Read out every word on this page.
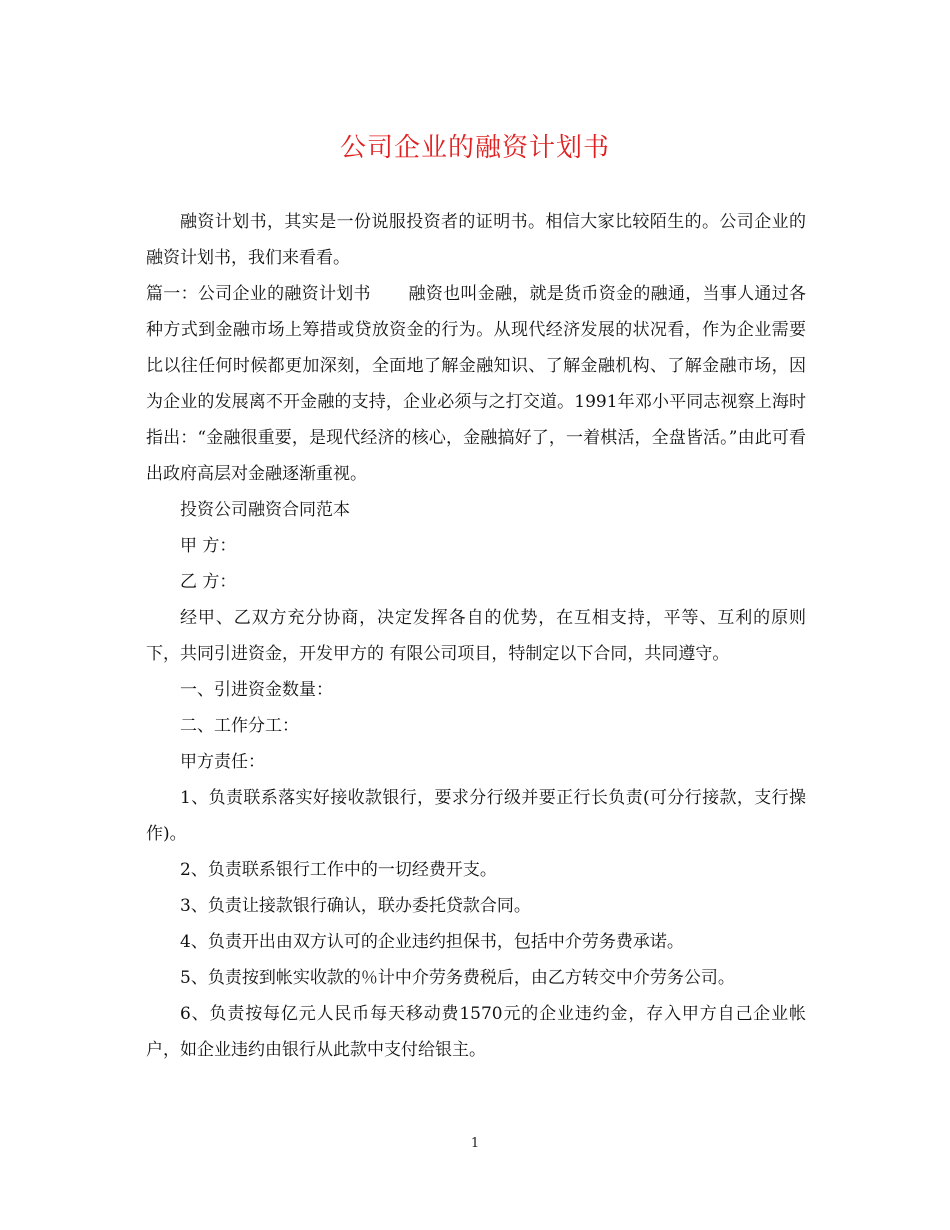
公司企业的融资计划书

融资计划书，其实是一份说服投资者的证明书。相信大家比较陌生的。公司企业的融资计划书，我们来看看。

篇一：公司企业的融资计划书 融资也叫金融，就是货币资金的融通，当事人通过各种方式到金融市场上筹措或贷放资金的行为。从现代经济发展的状况看，作为企业需要比以往任何时候都更加深刻，全面地了解金融知识、了解金融机构、了解金融市场，因为企业的发展离不开金融的支持，企业必须与之打交道。1991年邓小平同志视察上海时指出：“金融很重要，是现代经济的核心，金融搞好了，一着棋活，全盘皆活。”由此可看出政府高层对金融逐渐重视。

投资公司融资合同范本

甲 方：

乙 方：

经甲、乙双方充分协商，决定发挥各自的优势，在互相支持，平等、互利的原则下，共同引进资金，开发甲方的 有限公司项目，特制定以下合同，共同遵守。

一、引进资金数量：

二、工作分工：

甲方责任：

1、负责联系落实好接收款银行，要求分行级并要正行长负责(可分行接款，支行操作)。

2、负责联系银行工作中的一切经费开支。

3、负责让接款银行确认，联办委托贷款合同。

4、负责开出由双方认可的企业违约担保书，包括中介劳务费承诺。

5、负责按到帐实收款的％计中介劳务费税后，由乙方转交中介劳务公司。

6、负责按每亿元人民币每天移动费1570元的企业违约金，存入甲方自己企业帐户，如企业违约由银行从此款中支付给银主。

1
